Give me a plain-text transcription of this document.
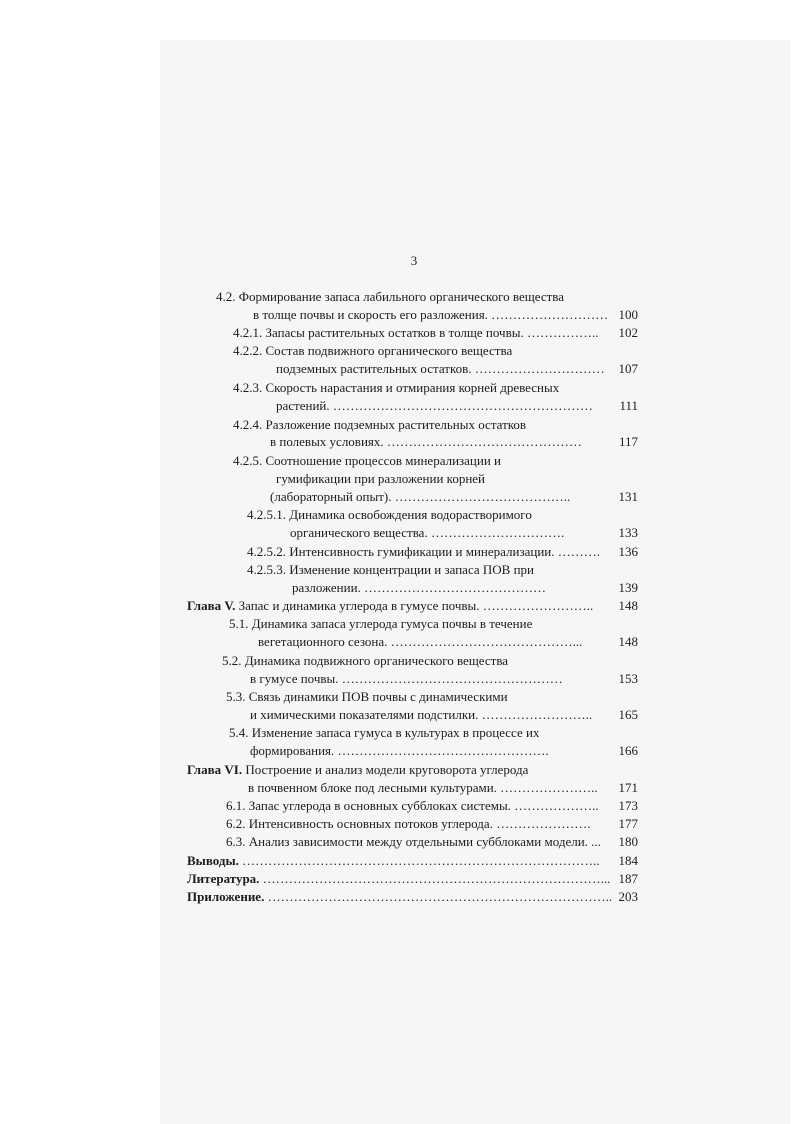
3
4.2. Формирование запаса лабильного органического вещества
в толще почвы и скорость его разложения. ……………………… 100
4.2.1. Запасы растительных остатков в толще почвы. ……………..	102
4.2.2. Состав подвижного органического вещества
подземных растительных остатков. …………………………	107
4.2.3. Скорость нарастания и отмирания корней древесных
растений. ……………………………………………………	111
4.2.4. Разложение подземных растительных остатков
в полевых условиях. ………………………………………	117
4.2.5. Соотношение процессов минерализации и
гумификации при разложении корней
(лабораторный опыт). …………………………………..	131
4.2.5.1. Динамика освобождения водорастворимого
органического вещества. ………………………….	133
4.2.5.2. Интенсивность гумификации и минерализации. ……….	136
4.2.5.3. Изменение концентрации и запаса ПОВ при
разложении. ……………………………………	139
Глава V. Запас и динамика углерода в гумусе почвы. ……………………..	148
5.1. Динамика запаса углерода гумуса почвы в течение
вегетационного сезона. ……………………………………...	148
5.2. Динамика подвижного органического вещества
в гумусе почвы. ……………………………………………	153
5.3. Связь динамики ПОВ почвы с динамическими
и химическими показателями подстилки. ……………………..	165
5.4. Изменение запаса гумуса в культурах в процессе их
формирования. ………………………………………….	166
Глава VI. Построение и анализ модели круговорота углерода
в почвенном блоке под лесными культурами. …………………..	171
6.1. Запас углерода в основных субблоках системы. ………………..	173
6.2. Интенсивность основных потоков углерода. ………………….	177
6.3. Анализ зависимости между отдельными субблоками модели. ...	180
Выводы. ………………………………………………………………………..	184
Литература. ……………………………………………………………………... 187
Приложение. …………………………………………………………………….. 203
